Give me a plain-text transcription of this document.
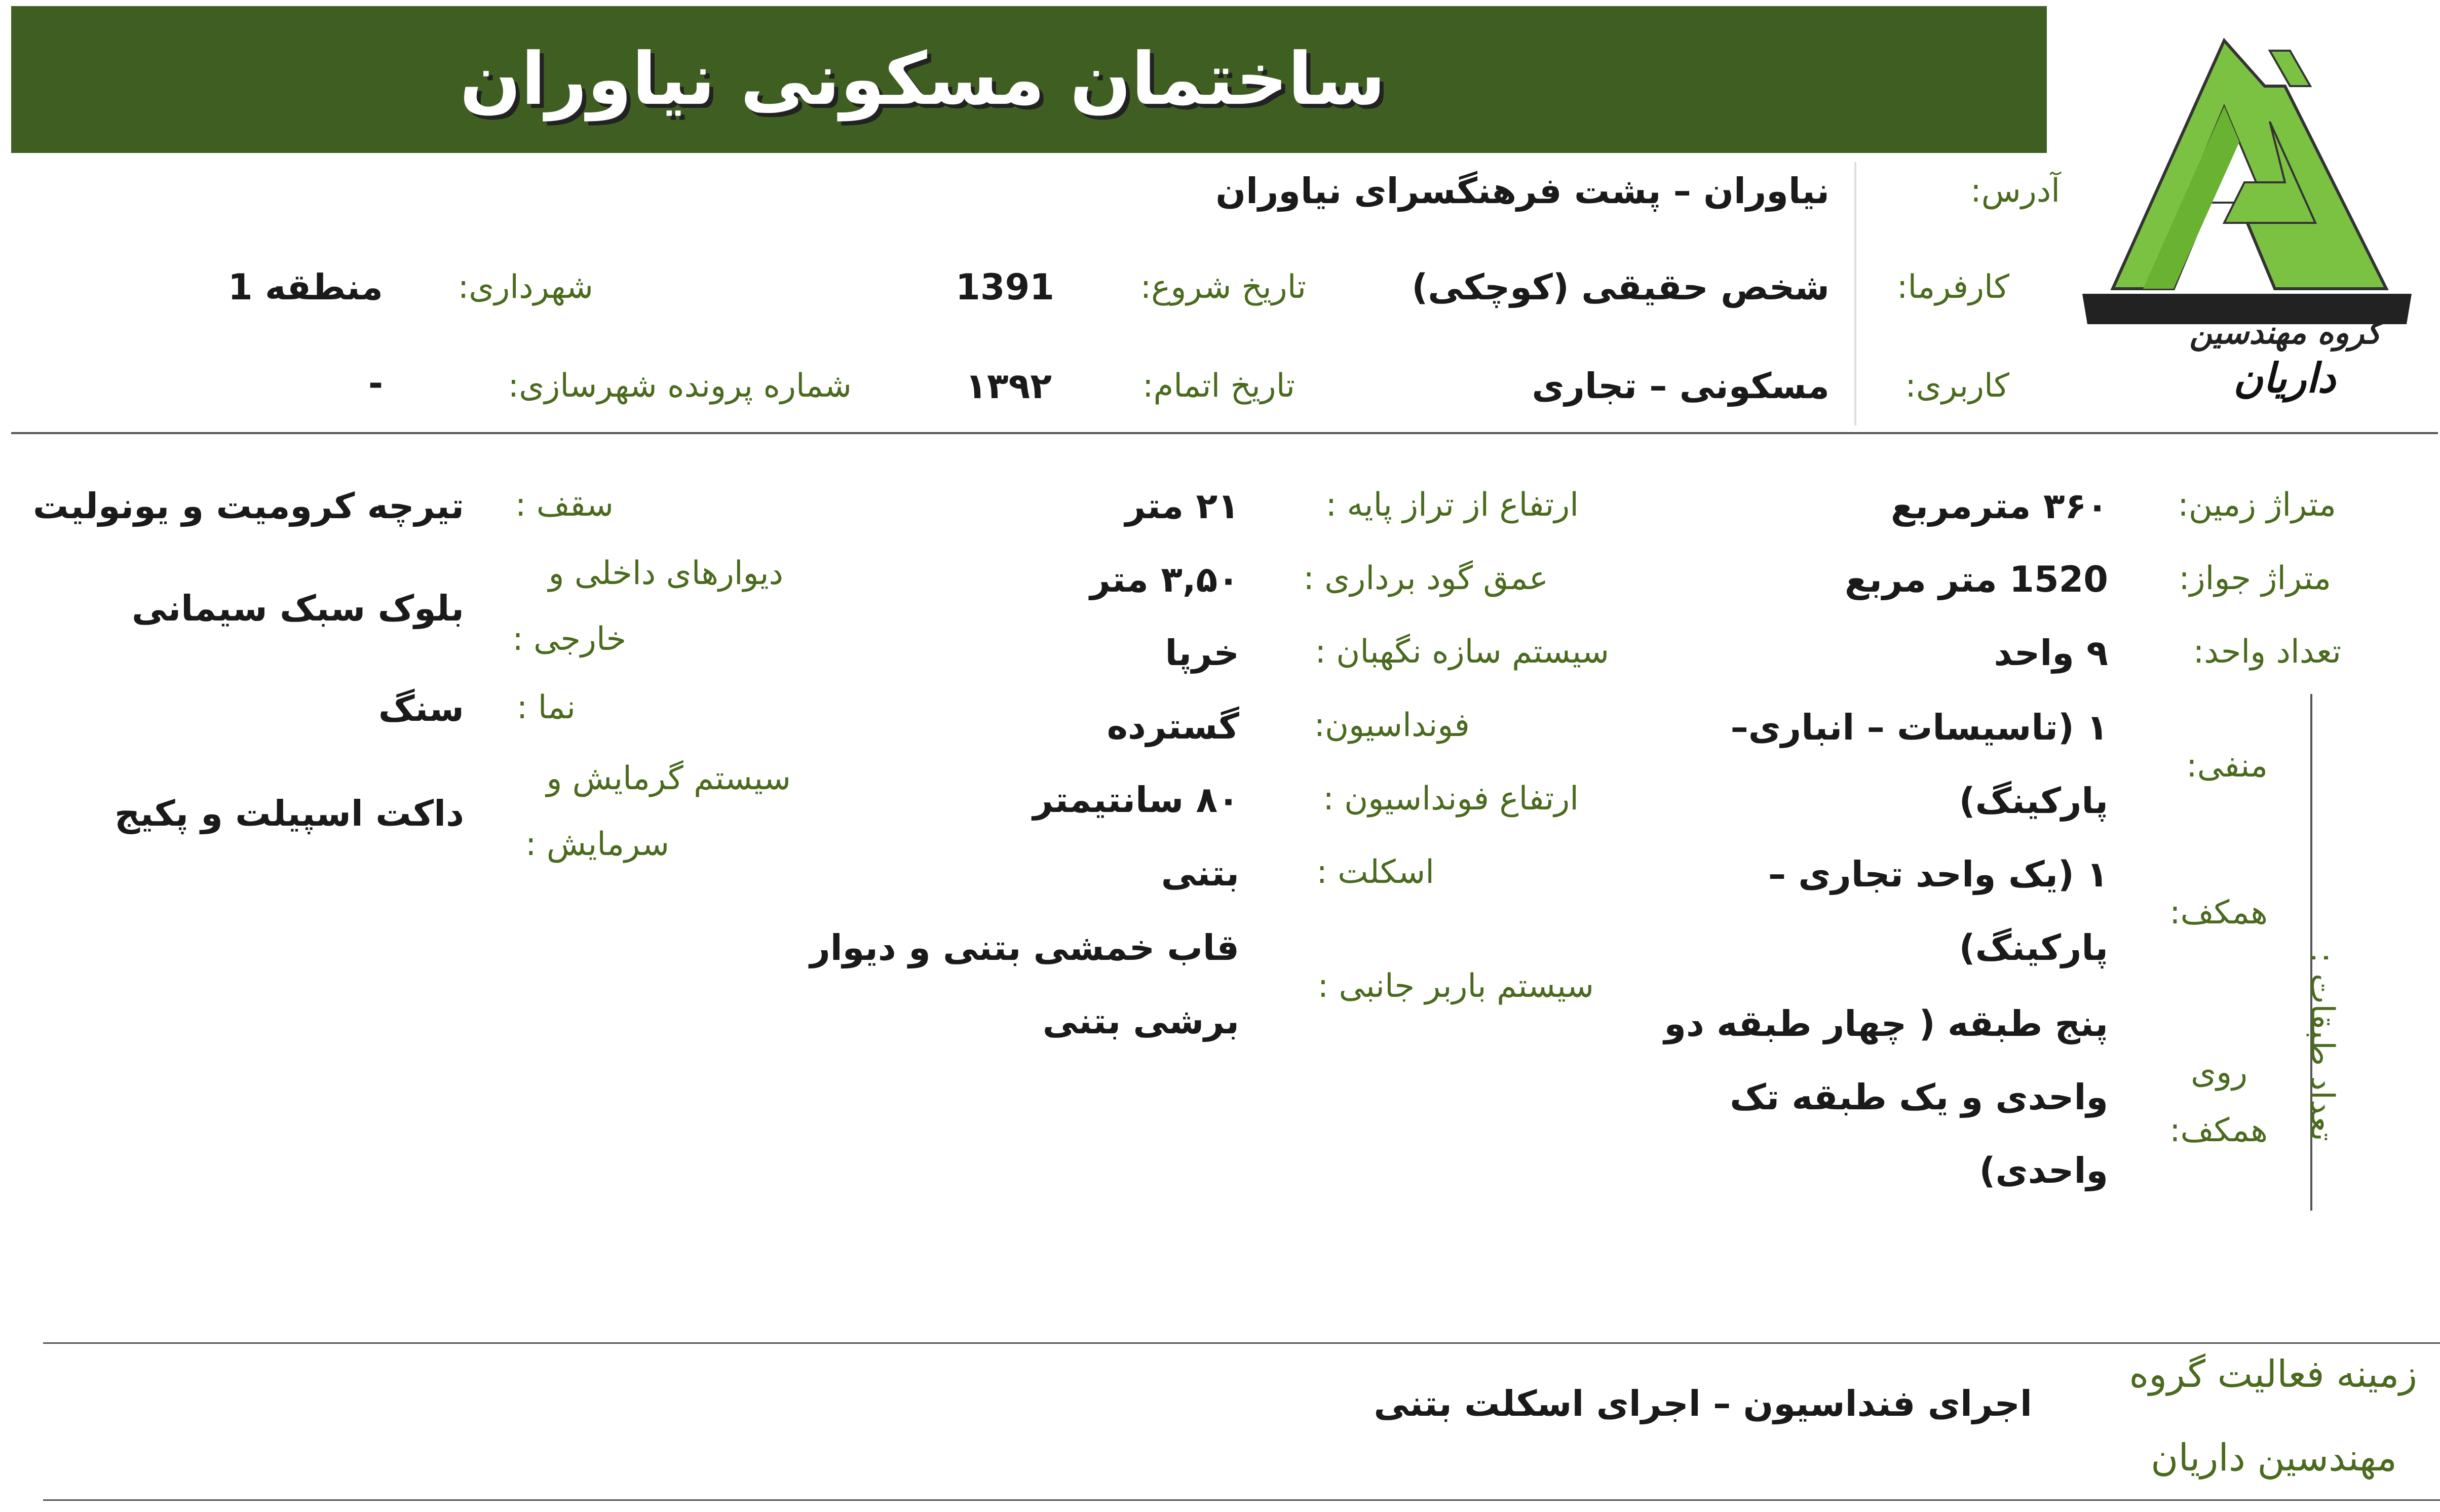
ساختمان مسکونی نیاوران
گروه مهندسین
داریان
آدرس:
نیاوران – پشت فرهنگسرای نیاوران
کارفرما:
شخص حقیقی (کوچکی)
تاریخ شروع:
1391
شهرداری:
منطقه 1
کاربری:
مسکونی – تجاری
تاریخ اتمام:
۱۳۹۲
شماره پرونده شهرسازی:
-
متراژ زمین:
۳۶۰ مترمربع
متراژ جواز:
1520 متر مربع
تعداد واحد:
۹ واحد
تعداد طبقات :
منفی:
۱ (تاسیسات – انباری–
پارکینگ)
همکف:
۱ (یک واحد تجاری –
پارکینگ)
روی
همکف:
پنج طبقه ( چهار طبقه دو
واحدی و یک طبقه تک
واحدی)
ارتفاع از تراز پایه :
۲۱ متر
عمق گود برداری :
۳,۵۰ متر
سیستم سازه نگهبان :
خرپا
فونداسیون:
گسترده
ارتفاع فونداسیون :
۸۰ سانتیمتر
اسکلت :
بتنی
سیستم باربر جانبی :
قاب خمشی بتنی و دیوار
برشی بتنی
سقف :
تیرچه کرومیت و یونولیت
دیوارهای داخلی و
خارجی :
بلوک سبک سیمانی
نما :
سنگ
سیستم گرمایش و
سرمایش :
داکت اسپیلت و پکیج
زمینه فعالیت گروه
مهندسین داریان
اجرای فنداسیون – اجرای اسکلت بتنی
